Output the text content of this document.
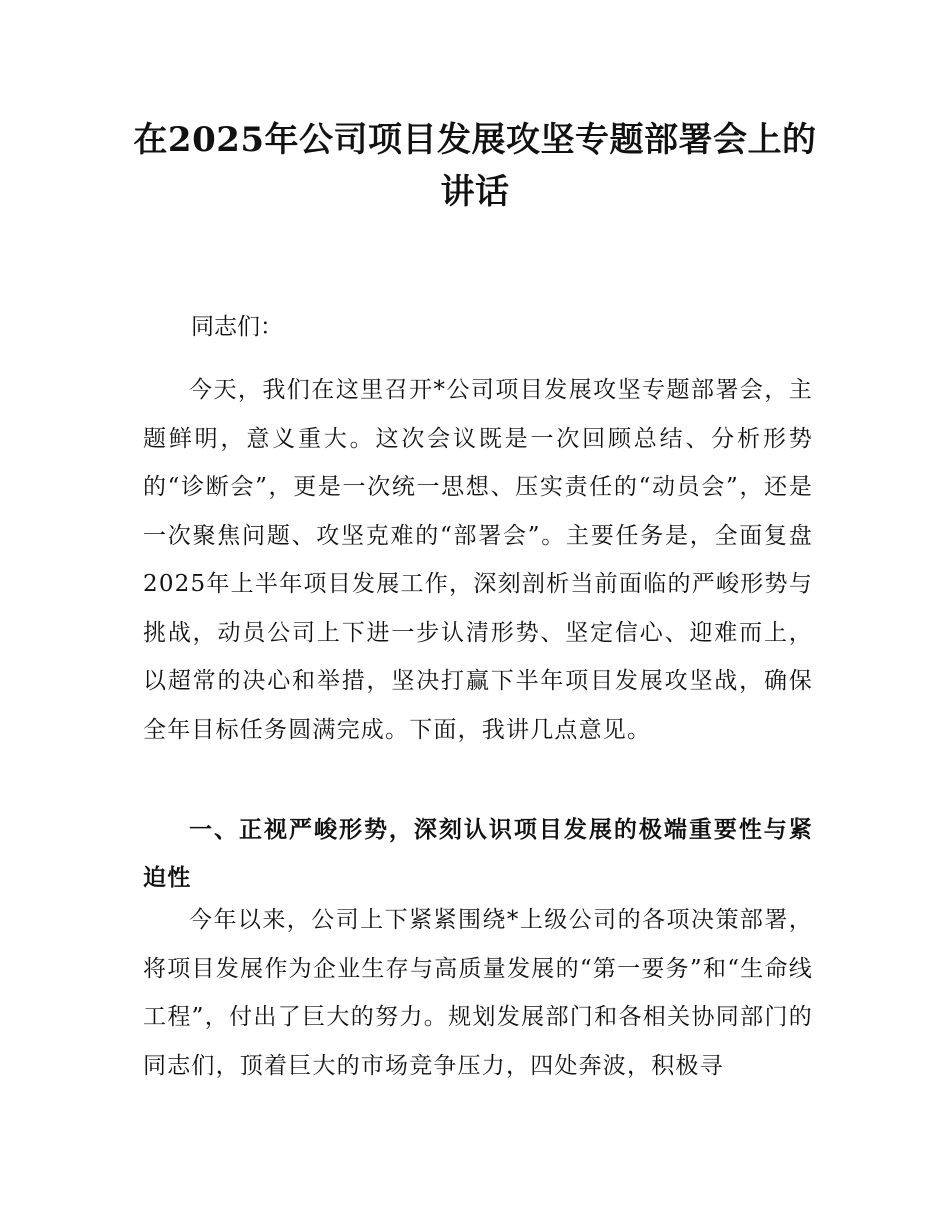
在2025年公司项目发展攻坚专题部署会上的讲话

同志们：

今天，我们在这里召开*公司项目发展攻坚专题部署会，主题鲜明，意义重大。这次会议既是一次回顾总结、分析形势的“诊断会”，更是一次统一思想、压实责任的“动员会”，还是一次聚焦问题、攻坚克难的“部署会”。主要任务是，全面复盘2025年上半年项目发展工作，深刻剖析当前面临的严峻形势与挑战，动员公司上下进一步认清形势、坚定信心、迎难而上，以超常的决心和举措，坚决打赢下半年项目发展攻坚战，确保全年目标任务圆满完成。下面，我讲几点意见。

一、正视严峻形势，深刻认识项目发展的极端重要性与紧迫性

今年以来，公司上下紧紧围绕*上级公司的各项决策部署，将项目发展作为企业生存与高质量发展的“第一要务”和“生命线工程”，付出了巨大的努力。规划发展部门和各相关协同部门的同志们，顶着巨大的市场竞争压力，四处奔波，积极寻
